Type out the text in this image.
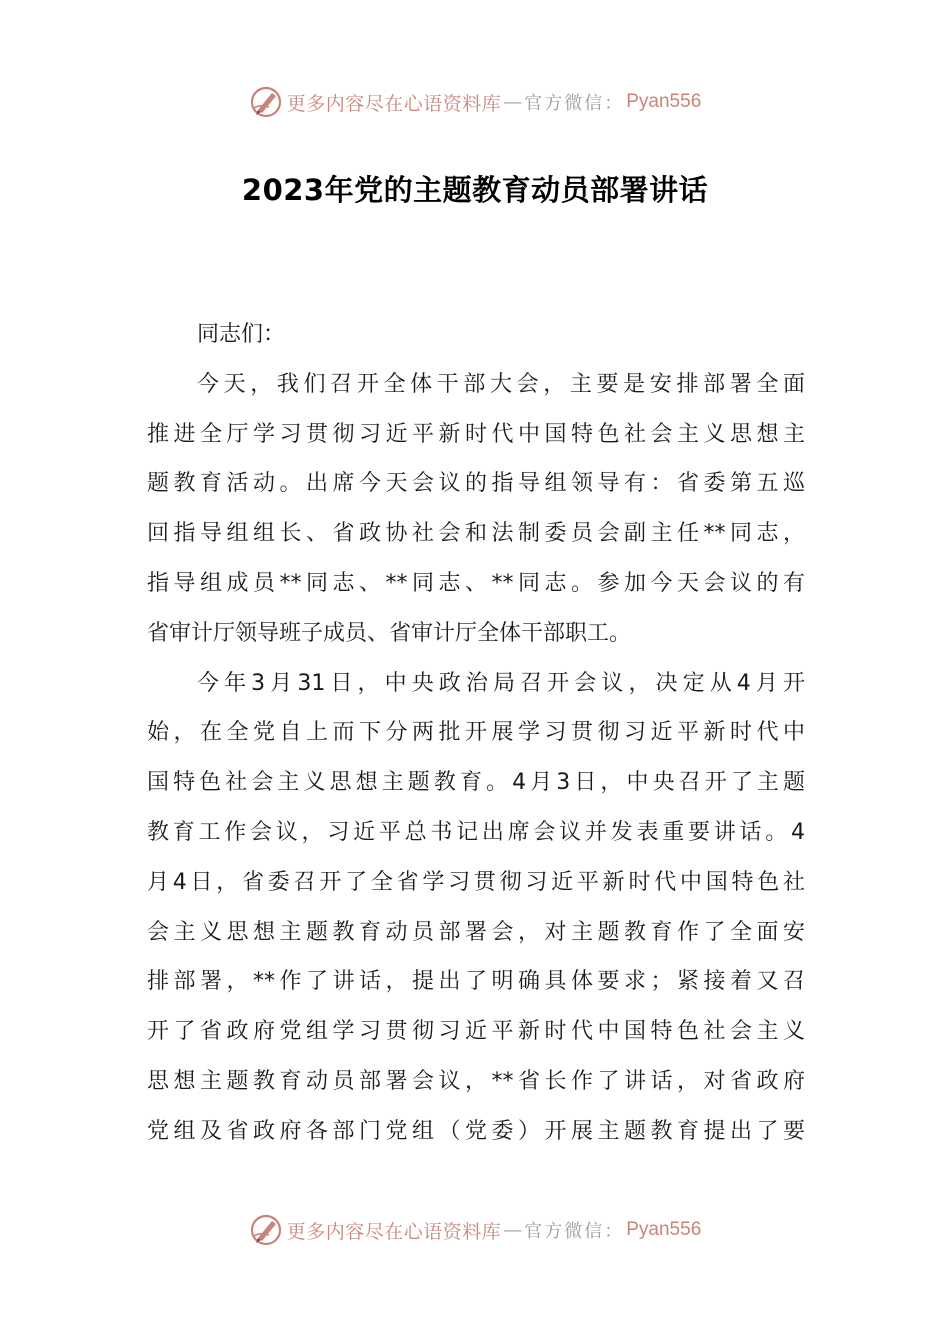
更多内容尽在心语资料库 — 官方微信： Pyan556
2023年党的主题教育动员部署讲话
同志们：
今天，我们召开全体干部大会，主要是安排部署全面
推进全厅学习贯彻习近平新时代中国特色社会主义思想主
题教育活动。出席今天会议的指导组领导有：省委第五巡
回指导组组长、省政协社会和法制委员会副主任**同志，
指导组成员**同志、**同志、**同志。参加今天会议的有
省审计厅领导班子成员、省审计厅全体干部职工。
今年3月31日，中央政治局召开会议，决定从4月开
始，在全党自上而下分两批开展学习贯彻习近平新时代中
国特色社会主义思想主题教育。4月3日，中央召开了主题
教育工作会议，习近平总书记出席会议并发表重要讲话。4
月4日，省委召开了全省学习贯彻习近平新时代中国特色社
会主义思想主题教育动员部署会，对主题教育作了全面安
排部署，**作了讲话，提出了明确具体要求；紧接着又召
开了省政府党组学习贯彻习近平新时代中国特色社会主义
思想主题教育动员部署会议，**省长作了讲话，对省政府
党组及省政府各部门党组（党委）开展主题教育提出了要
更多内容尽在心语资料库 — 官方微信： Pyan556
